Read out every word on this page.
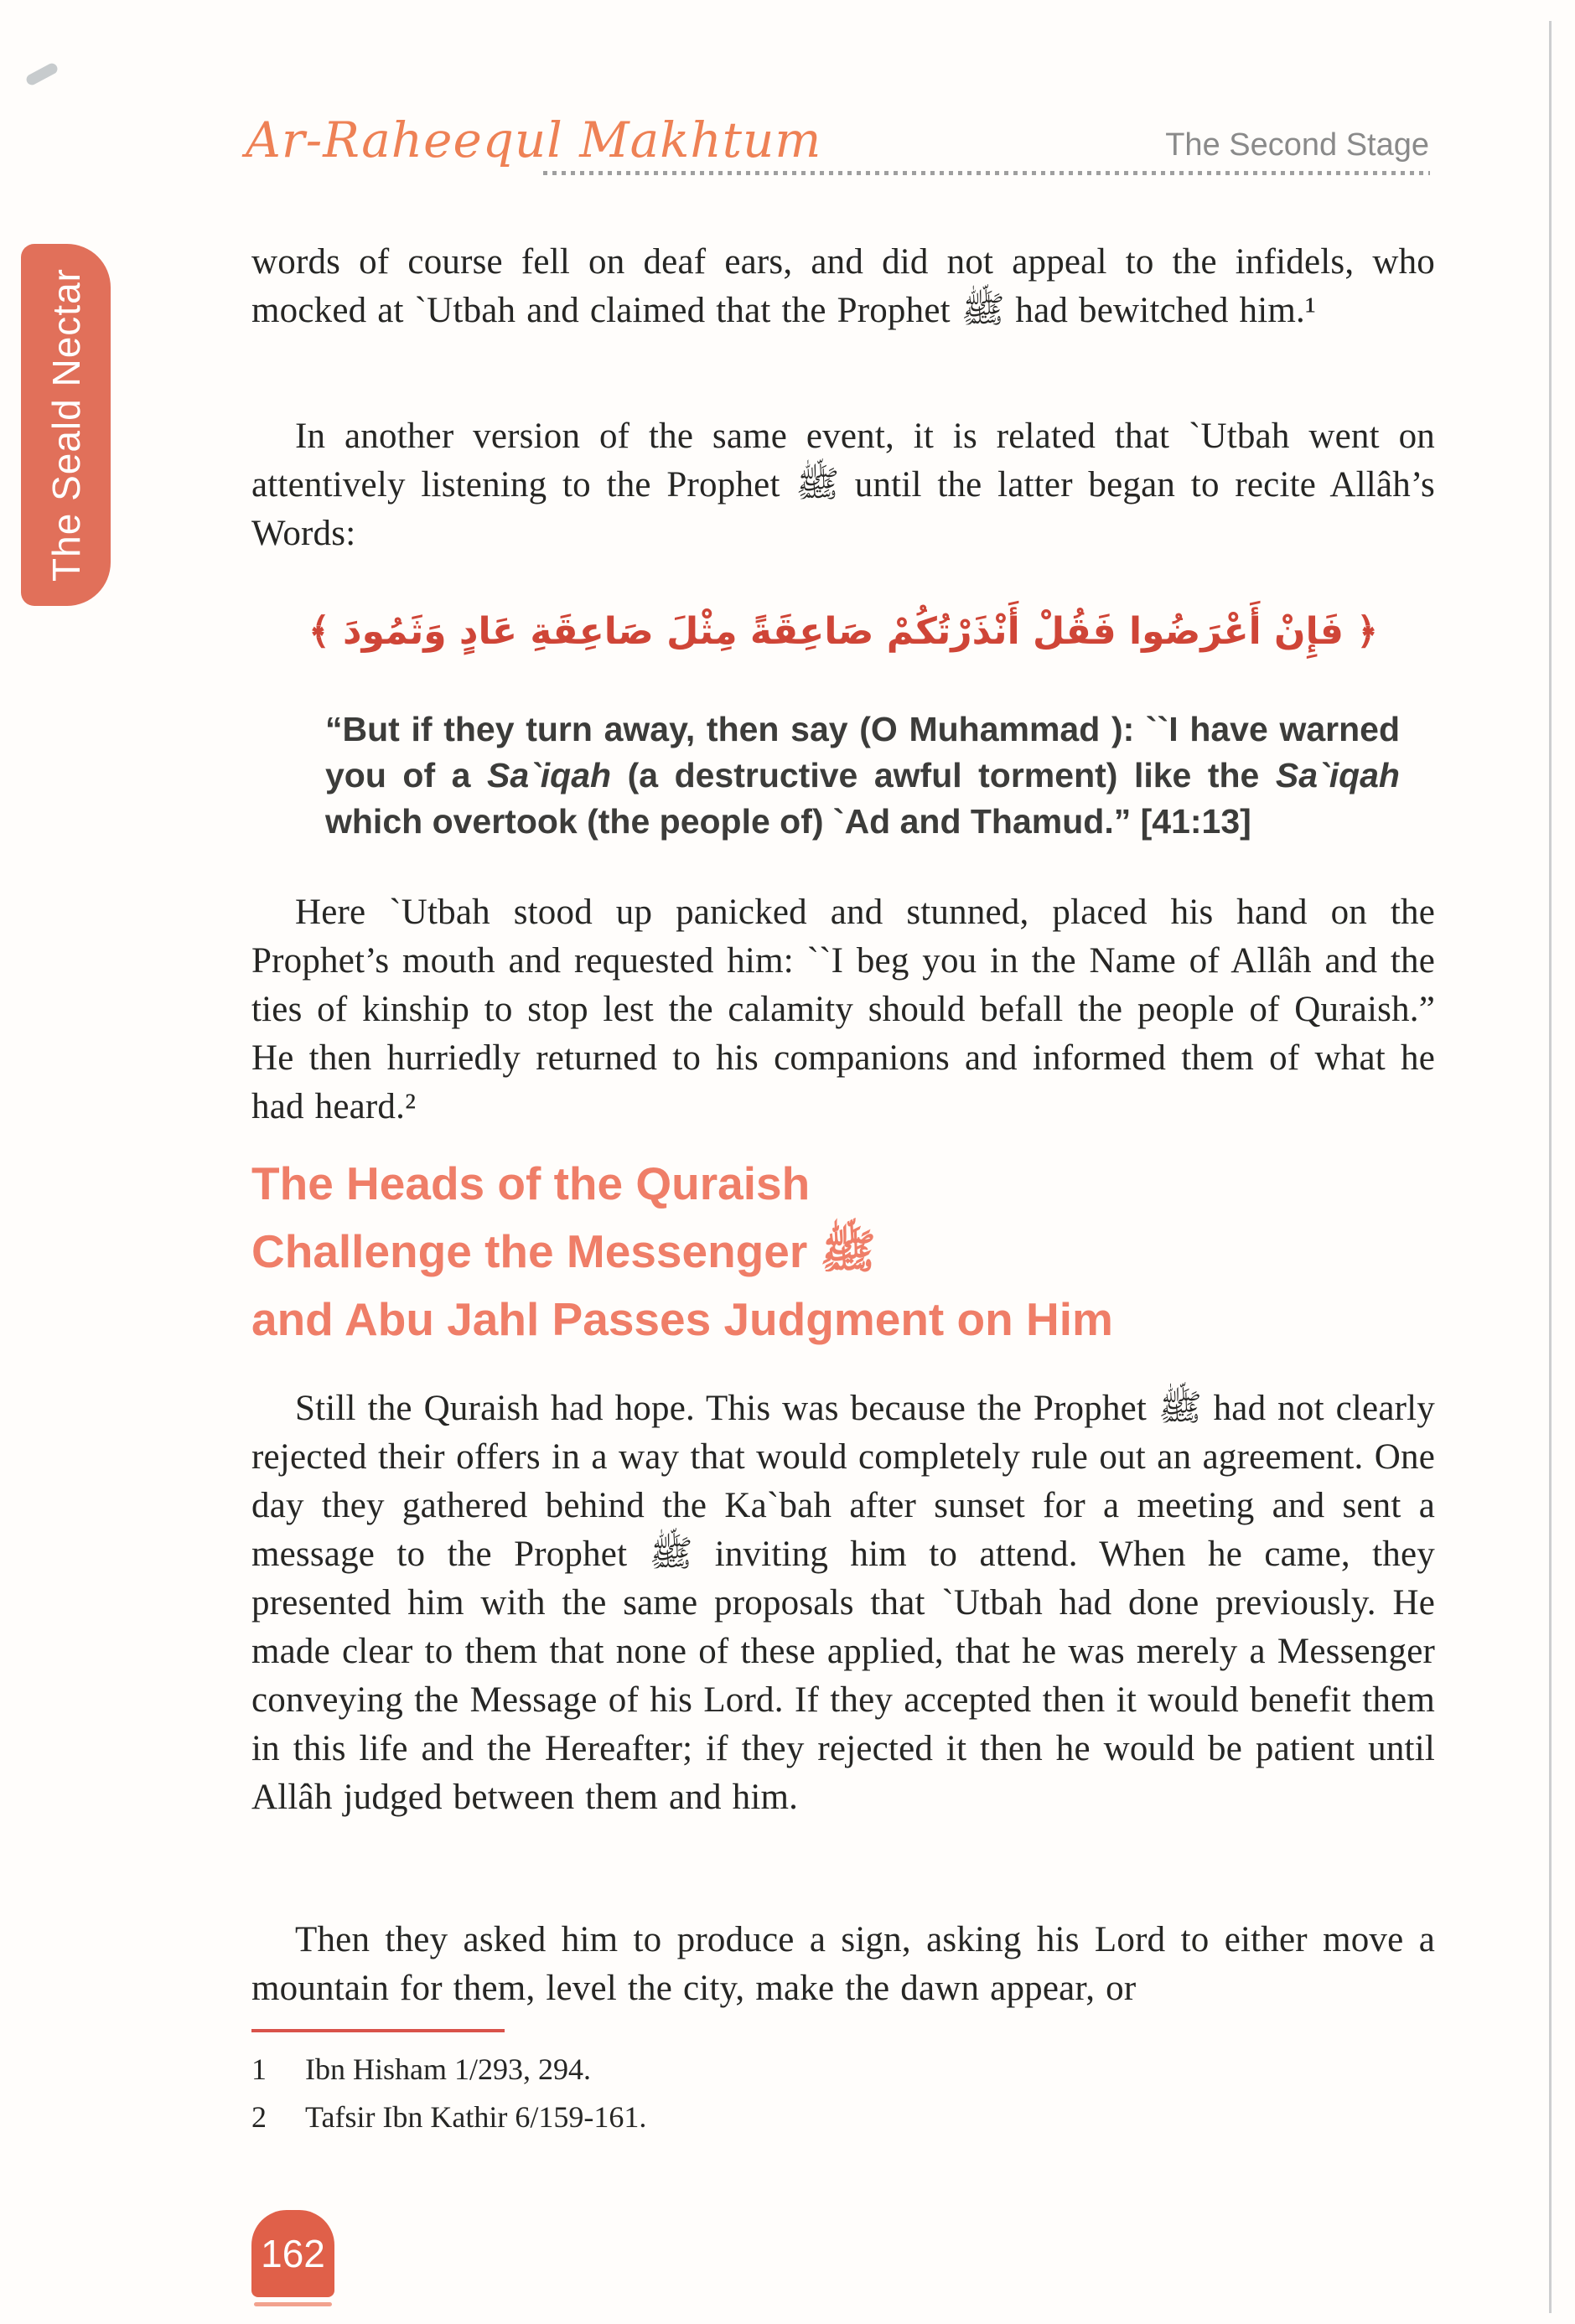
Ar-Raheequl Makhtum	The Second Stage
The Seald Nectar
words of course fell on deaf ears, and did not appeal to the infidels, who mocked at `Utbah and claimed that the Prophet ﷺ had bewitched him.¹
In another version of the same event, it is related that `Utbah went on attentively listening to the Prophet ﷺ until the latter began to recite Allâh’s Words:
﴿ فَإِنْ أَعْرَضُوا فَقُلْ أَنْذَرْتُكُمْ صَاعِقَةً مِثْلَ صَاعِقَةِ عَادٍ وَثَمُودَ ﴾
“But if they turn away, then say (O Muhammad ): ``I have warned you of a Sa`iqah (a destructive awful torment) like the Sa`iqah which overtook (the people of) `Ad and Thamud.” [41:13]
Here `Utbah stood up panicked and stunned, placed his hand on the Prophet’s mouth and requested him: ``I beg you in the Name of Allâh and the ties of kinship to stop lest the calamity should befall the people of Quraish.” He then hurriedly returned to his companions and informed them of what he had heard.²
The Heads of the Quraish
Challenge the Messenger ﷺ
and Abu Jahl Passes Judgment on Him
Still the Quraish had hope. This was because the Prophet ﷺ had not clearly rejected their offers in a way that would completely rule out an agreement. One day they gathered behind the Ka`bah after sunset for a meeting and sent a message to the Prophet ﷺ inviting him to attend. When he came, they presented him with the same proposals that `Utbah had done previously. He made clear to them that none of these applied, that he was merely a Messenger conveying the Message of his Lord. If they accepted then it would benefit them in this life and the Hereafter; if they rejected it then he would be patient until Allâh judged between them and him.
Then they asked him to produce a sign, asking his Lord to either move a mountain for them, level the city, make the dawn appear, or
1	Ibn Hisham 1/293, 294.
2	Tafsir Ibn Kathir 6/159-161.
162
